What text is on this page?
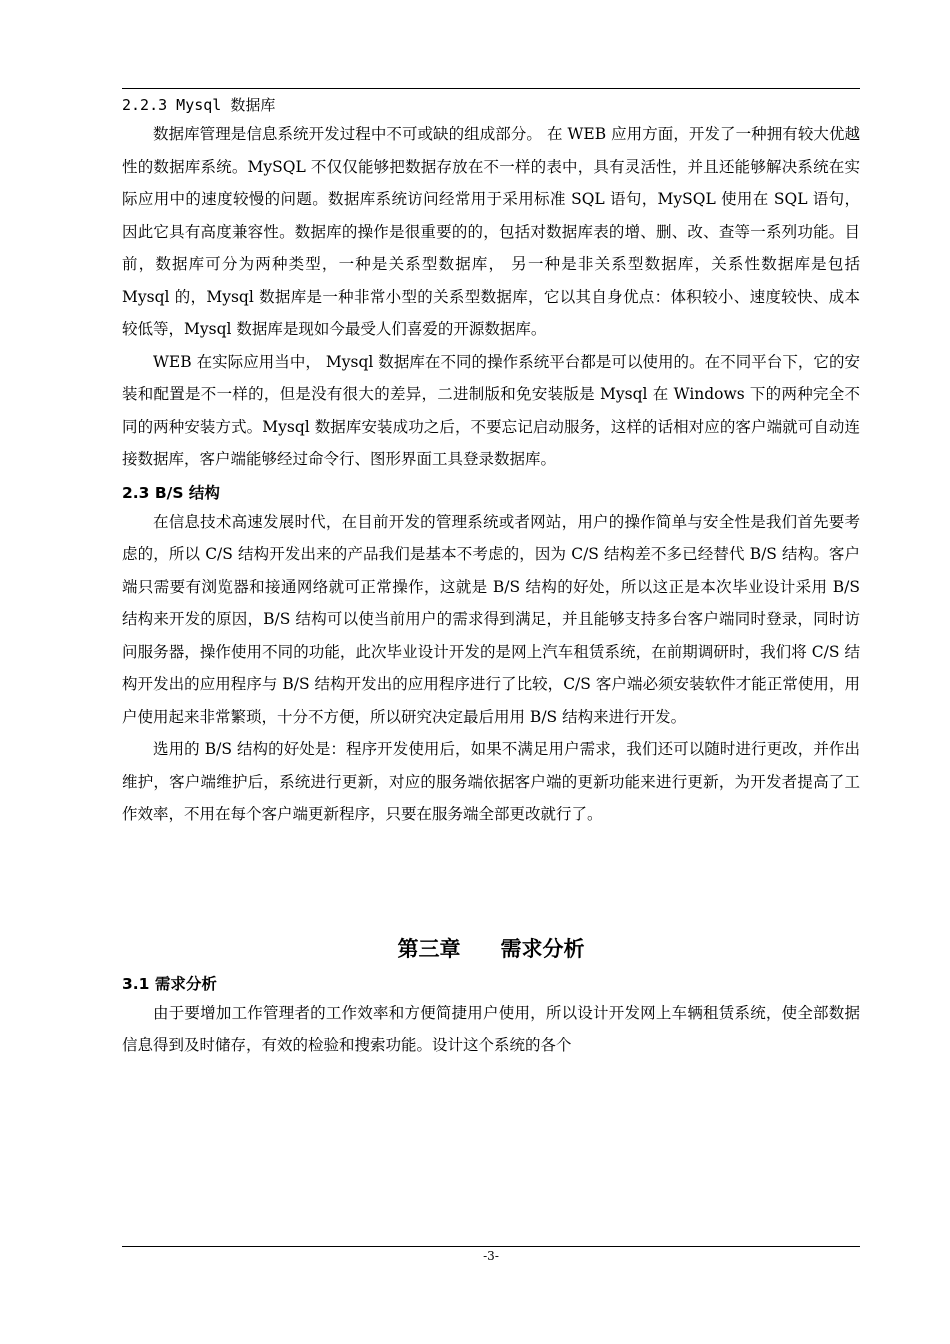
2.2.3 Mysql 数据库

数据库管理是信息系统开发过程中不可或缺的组成部分。 在 WEB 应用方面，开发了一种拥有较大优越性的数据库系统。MySQL 不仅仅能够把数据存放在不一样的表中，具有灵活性，并且还能够解决系统在实际应用中的速度较慢的问题。数据库系统访问经常用于采用标准 SQL 语句，MySQL 使用在 SQL 语句，因此它具有高度兼容性。数据库的操作是很重要的的，包括对数据库表的增、删、改、查等一系列功能。目前，数据库可分为两种类型，一种是关系型数据库， 另一种是非关系型数据库，关系性数据库是包括 Mysql 的，Mysql 数据库是一种非常小型的关系型数据库，它以其自身优点：体积较小、速度较快、成本较低等，Mysql 数据库是现如今最受人们喜爱的开源数据库。

WEB 在实际应用当中， Mysql 数据库在不同的操作系统平台都是可以使用的。在不同平台下，它的安装和配置是不一样的，但是没有很大的差异，二进制版和免安装版是 Mysql 在 Windows 下的两种完全不同的两种安装方式。Mysql 数据库安装成功之后，不要忘记启动服务，这样的话相对应的客户端就可自动连接数据库，客户端能够经过命令行、图形界面工具登录数据库。

2.3 B/S 结构

在信息技术高速发展时代，在目前开发的管理系统或者网站，用户的操作简单与安全性是我们首先要考虑的，所以 C/S 结构开发出来的产品我们是基本不考虑的，因为 C/S 结构差不多已经替代 B/S 结构。客户端只需要有浏览器和接通网络就可正常操作，这就是 B/S 结构的好处，所以这正是本次毕业设计采用 B/S 结构来开发的原因，B/S 结构可以使当前用户的需求得到满足，并且能够支持多台客户端同时登录，同时访问服务器，操作使用不同的功能，此次毕业设计开发的是网上汽车租赁系统，在前期调研时，我们将 C/S 结构开发出的应用程序与 B/S 结构开发出的应用程序进行了比较，C/S 客户端必须安装软件才能正常使用，用户使用起来非常繁琐，十分不方便，所以研究决定最后用用 B/S 结构来进行开发。

选用的 B/S 结构的好处是：程序开发使用后，如果不满足用户需求，我们还可以随时进行更改，并作出维护，客户端维护后，系统进行更新，对应的服务端依据客户端的更新功能来进行更新，为开发者提高了工作效率，不用在每个客户端更新程序，只要在服务端全部更改就行了。

第三章 需求分析
3.1 需求分析

由于要增加工作管理者的工作效率和方便简捷用户使用，所以设计开发网上车辆租赁系统，使全部数据信息得到及时储存，有效的检验和搜索功能。设计这个系统的各个

-3-
